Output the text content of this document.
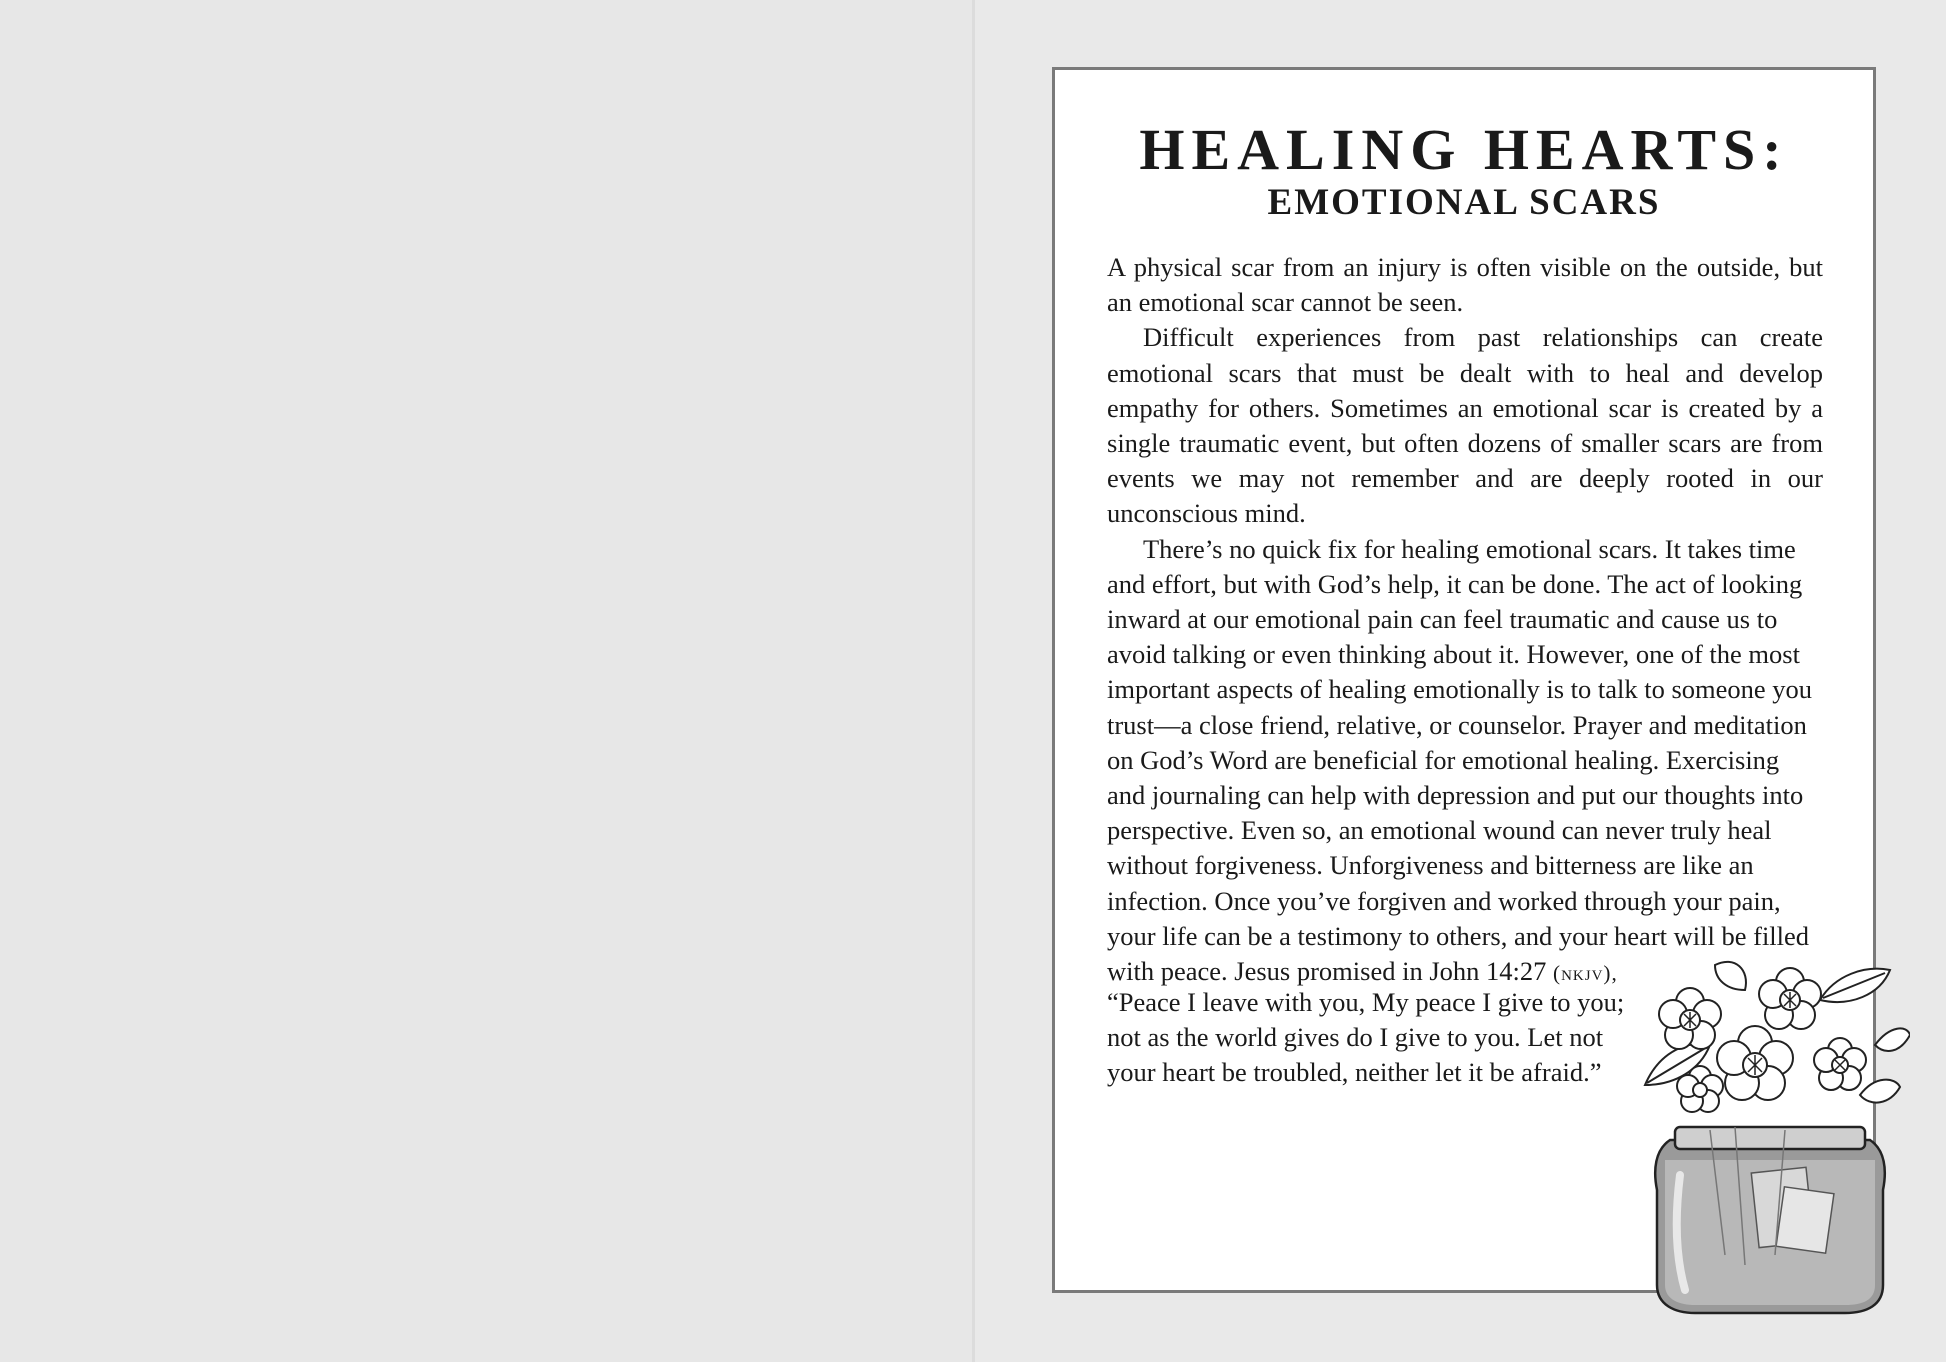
HEALING HEARTS:
EMOTIONAL SCARS

A physical scar from an injury is often visible on the outside, but an emotional scar cannot be seen.

Difficult experiences from past relationships can create emotional scars that must be dealt with to heal and develop empathy for others. Sometimes an emotional scar is created by a single traumatic event, but often dozens of smaller scars are from events we may not remember and are deeply rooted in our unconscious mind.

There’s no quick fix for healing emotional scars. It takes time and effort, but with God’s help, it can be done. The act of looking inward at our emotional pain can feel traumatic and cause us to avoid talking or even thinking about it. However, one of the most important aspects of healing emotionally is to talk to someone you trust—a close friend, relative, or counselor. Prayer and meditation on God’s Word are beneficial for emotional healing. Exercising and journaling can help with depression and put our thoughts into perspective. Even so, an emotional wound can never truly heal without forgiveness. Unforgiveness and bitterness are like an infection. Once you’ve forgiven and worked through your pain, your life can be a testimony to others, and your heart will be filled with peace. Jesus promised in John 14:27 (nkjv),

“Peace I leave with you, My peace I give to you;
not as the world gives do I give to you. Let not
your heart be troubled, neither let it be afraid.”
